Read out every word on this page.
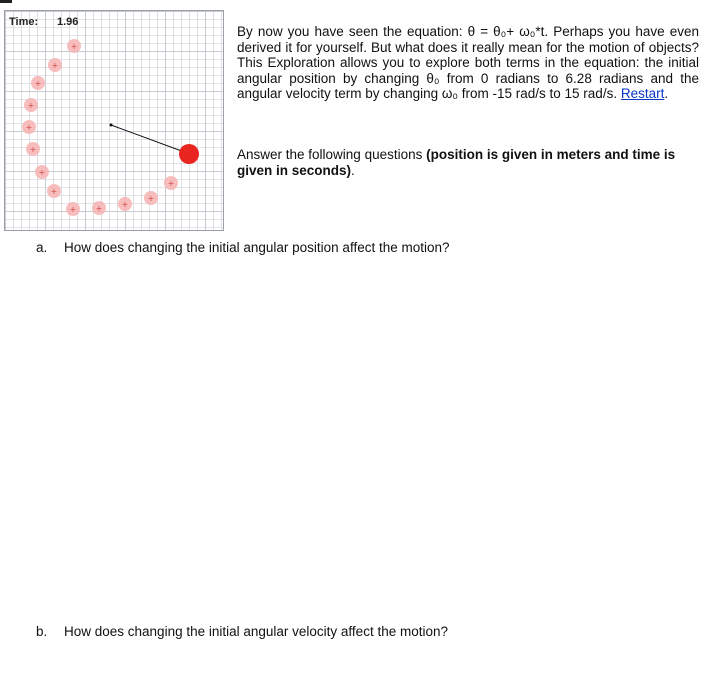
+
+
+
+
+
+
+
+
+ + +
+
+
Time: 1.96

By now you have seen the equation: θ = θ₀+ ω₀*t. Perhaps you have even derived it for yourself. But what does it really mean for the motion of objects? This Exploration allows you to explore both terms in the equation: the initial angular position by changing θ₀ from 0 radians to 6.28 radians and the angular velocity term by changing ω₀ from -15 rad/s to 15 rad/s. Restart.

Answer the following questions (position is given in meters and time is given in seconds).

a. How does changing the initial angular position affect the motion?
b. How does changing the initial angular velocity affect the motion?
